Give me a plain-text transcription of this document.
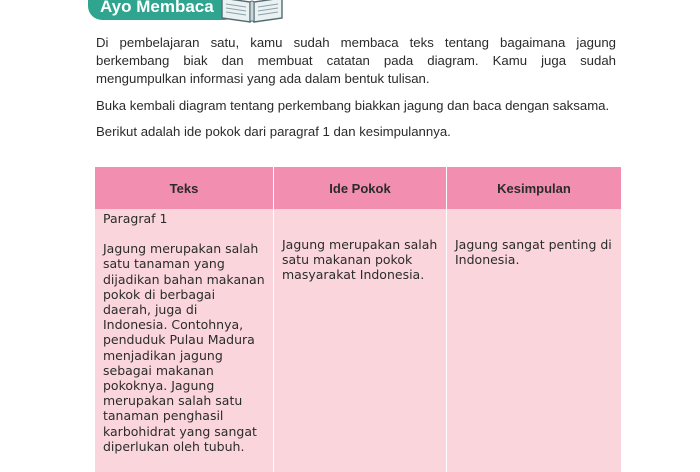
Ayo Membaca

Di pembelajaran satu, kamu sudah membaca teks tentang bagaimana jagung berkembang biak dan membuat catatan pada diagram. Kamu juga sudah mengumpulkan informasi yang ada dalam bentuk tulisan.

Buka kembali diagram tentang perkembang biakkan jagung dan baca dengan saksama.

Berikut adalah ide pokok dari paragraf 1 dan kesimpulannya.

Teks	Ide Pokok	Kesimpulan

Paragraf 1
Jagung merupakan salah satu tanaman yang dijadikan bahan makanan pokok di berbagai daerah, juga di Indonesia. Contohnya, penduduk Pulau Madura menjadikan jagung sebagai makanan pokoknya. Jagung merupakan salah satu tanaman penghasil karbohidrat yang sangat diperlukan oleh tubuh.	Jagung merupakan salah satu makanan pokok masyarakat Indonesia.	Jagung sangat penting di Indonesia.
